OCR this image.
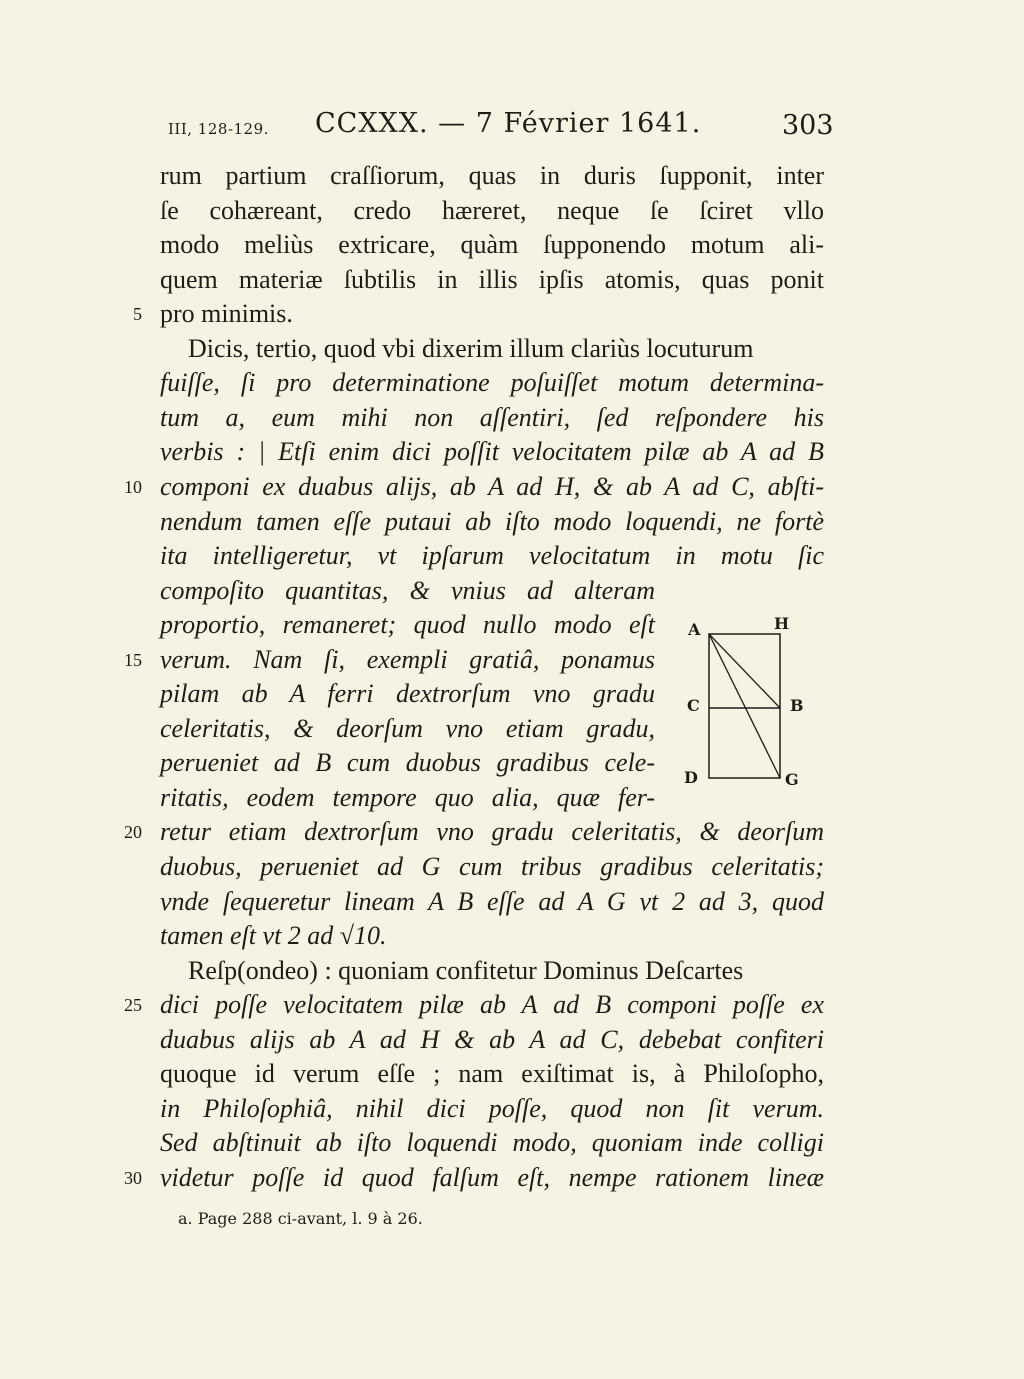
III, 128-129. CCXXX. — 7 Février 1641.	303
rum partium craſſiorum, quas in duris ſupponit, inter
ſe cohæreant, credo hæreret, neque ſe ſciret vllo
modo meliùs extricare, quàm ſupponendo motum ali-
quem materiæ ſubtilis in illis ipſis atomis, quas ponit
pro minimis.
5
Dicis, tertio, quod vbi dixerim illum clariùs locuturum
fuiſſe, ſi pro determinatione poſuiſſet motum determina-
tum a, eum mihi non aſſentiri, ſed reſpondere his
verbis : | Etſi enim dici poſſit velocitatem pilæ ab A ad B
componi ex duabus alijs, ab A ad H, & ab A ad C, abſti-
10
nendum tamen eſſe putaui ab iſto modo loquendi, ne fortè
ita intelligeretur, vt ipſarum velocitatum in motu ſic
compoſito quantitas, & vnius ad alteram
proportio, remaneret; quod nullo modo eſt
verum. Nam ſi, exempli gratiâ, ponamus
15
pilam ab A ferri dextrorſum vno gradu
celeritatis, & deorſum vno etiam gradu,
perueniet ad B cum duobus gradibus cele-
ritatis, eodem tempore quo alia, quæ fer-
retur etiam dextrorſum vno gradu celeritatis, & deorſum
20
duobus, perueniet ad G cum tribus gradibus celeritatis;
vnde ſequeretur lineam A B eſſe ad A G vt 2 ad 3, quod
tamen eſt vt 2 ad √10.
Reſp(ondeo) : quoniam confitetur Dominus Deſcartes
dici poſſe velocitatem pilæ ab A ad B componi poſſe ex
25
duabus alijs ab A ad H & ab A ad C, debebat confiteri
quoque id verum eſſe ; nam exiſtimat is, à Philoſopho,
in Philoſophiâ, nihil dici poſſe, quod non ſit verum.
Sed abſtinuit ab iſto loquendi modo, quoniam inde colligi
videtur poſſe id quod falſum eſt, nempe rationem lineæ
30
A	H
C	B
D	G
a. Page 288 ci-avant, l. 9 à 26.
